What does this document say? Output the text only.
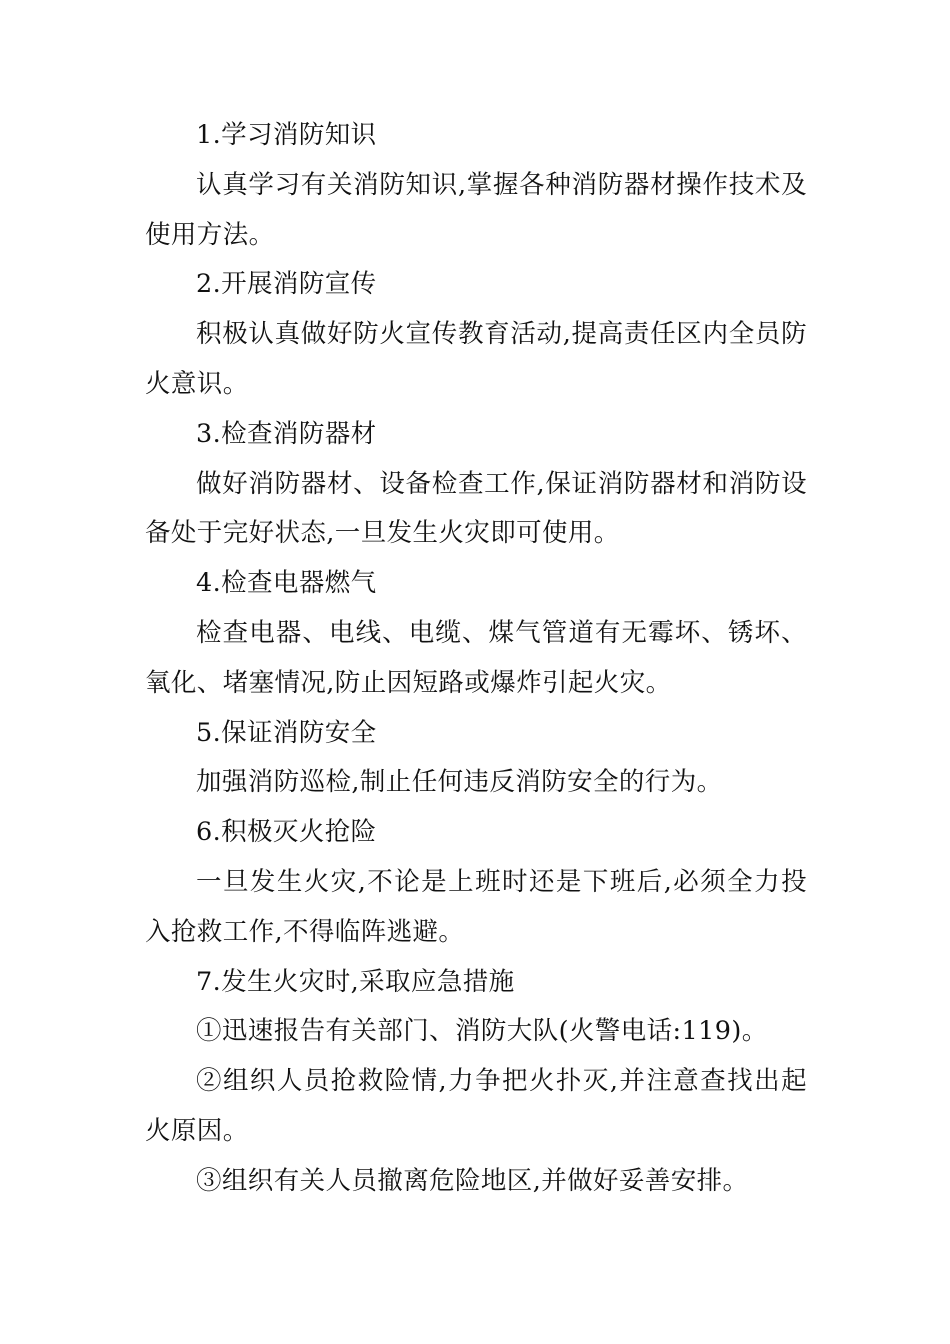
1.学习消防知识

认真学习有关消防知识,掌握各种消防器材操作技术及使用方法。

2.开展消防宣传

积极认真做好防火宣传教育活动,提高责任区内全员防火意识。

3.检查消防器材

做好消防器材、设备检查工作,保证消防器材和消防设备处于完好状态,一旦发生火灾即可使用。

4.检查电器燃气

检查电器、电线、电缆、煤气管道有无霉坏、锈坏、氧化、堵塞情况,防止因短路或爆炸引起火灾。

5.保证消防安全

加强消防巡检,制止任何违反消防安全的行为。

6.积极灭火抢险

一旦发生火灾,不论是上班时还是下班后,必须全力投入抢救工作,不得临阵逃避。

7.发生火灾时,采取应急措施

①迅速报告有关部门、消防大队(火警电话:119)。

②组织人员抢救险情,力争把火扑灭,并注意查找出起火原因。

③组织有关人员撤离危险地区,并做好妥善安排。
